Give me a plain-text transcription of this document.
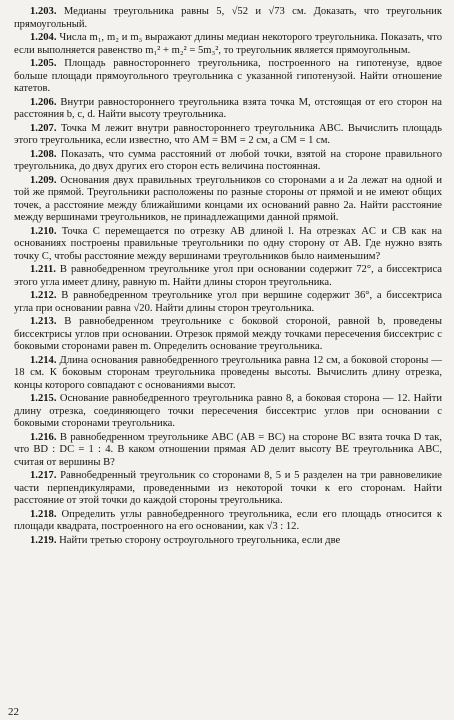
1.203. Медианы треугольника равны 5, √52 и √73 см. Доказать, что треугольник прямоугольный.

1.204. Числа m₁, m₂ и m₃ выражают длины медиан некоторого треугольника. Показать, что если выполняется равенство m₁² + m₂² = 5m₃², то треугольник является прямоугольным.

1.205. Площадь равностороннего треугольника, построенного на гипотенузе, вдвое больше площади прямоугольного треугольника с указанной гипотенузой. Найти отношение катетов.

1.206. Внутри равностороннего треугольника взята точка M, отстоящая от его сторон на расстояния b, c, d. Найти высоту треугольника.

1.207. Точка M лежит внутри равностороннего треугольника ABC. Вычислить площадь этого треугольника, если известно, что AM = BM = 2 см, а CM = 1 см.

1.208. Показать, что сумма расстояний от любой точки, взятой на стороне правильного треугольника, до двух других его сторон есть величина постоянная.

1.209. Основания двух правильных треугольников со сторонами a и 2a лежат на одной и той же прямой. Треугольники расположены по разные стороны от прямой и не имеют общих точек, а расстояние между ближайшими концами их оснований равно 2a. Найти расстояние между вершинами треугольников, не принадлежащими данной прямой.

1.210. Точка C перемещается по отрезку AB длиной l. На отрезках AC и CB как на основаниях построены правильные треугольники по одну сторону от AB. Где нужно взять точку C, чтобы расстояние между вершинами треугольников было наименьшим?

1.211. В равнобедренном треугольнике угол при основании содержит 72°, а биссектриса этого угла имеет длину, равную m. Найти длины сторон треугольника.

1.212. В равнобедренном треугольнике угол при вершине содержит 36°, а биссектриса угла при основании равна √20. Найти длины сторон треугольника.

1.213. В равнобедренном треугольнике с боковой стороной, равной b, проведены биссектрисы углов при основании. Отрезок прямой между точками пересечения биссектрис с боковыми сторонами равен m. Определить основание треугольника.

1.214. Длина основания равнобедренного треугольника равна 12 см, а боковой стороны — 18 см. К боковым сторонам треугольника проведены высоты. Вычислить длину отрезка, концы которого совпадают с основаниями высот.

1.215. Основание равнобедренного треугольника равно 8, а боковая сторона — 12. Найти длину отрезка, соединяющего точки пересечения биссектрис углов при основании с боковыми сторонами треугольника.

1.216. В равнобедренном треугольнике ABC (AB = BC) на стороне BC взята точка D так, что BD : DC = 1 : 4. В каком отношении прямая AD делит высоту BE треугольника ABC, считая от вершины B?

1.217. Равнобедренный треугольник со сторонами 8, 5 и 5 разделен на три равновеликие части перпендикулярами, проведенными из некоторой точки к его сторонам. Найти расстояние от этой точки до каждой стороны треугольника.

1.218. Определить углы равнобедренного треугольника, если его площадь относится к площади квадрата, построенного на его основании, как √3 : 12.

1.219. Найти третью сторону остроугольного треугольника, если две

22
